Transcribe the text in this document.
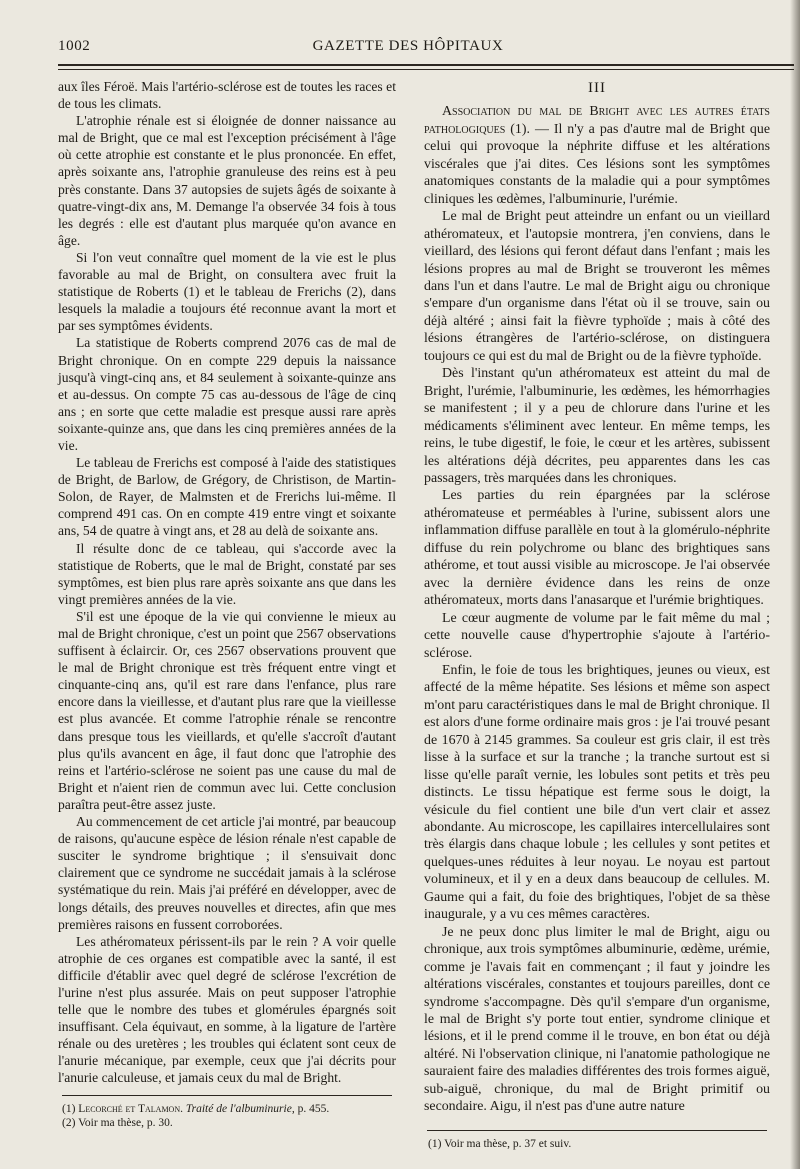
1002	GAZETTE DES HÔPITAUX

aux îles Féroë. Mais l'artério-sclérose est de toutes les races et de tous les climats.

L'atrophie rénale est si éloignée de donner naissance au mal de Bright, que ce mal est l'exception précisément à l'âge où cette atrophie est constante et le plus prononcée. En effet, après soixante ans, l'atrophie granuleuse des reins est à peu près constante. Dans 37 autopsies de sujets âgés de soixante à quatre-vingt-dix ans, M. Demange l'a observée 34 fois à tous les degrés : elle est d'autant plus marquée qu'on avance en âge.

Si l'on veut connaître quel moment de la vie est le plus favorable au mal de Bright, on consultera avec fruit la statistique de Roberts (1) et le tableau de Frerichs (2), dans lesquels la maladie a toujours été reconnue avant la mort et par ses symptômes évidents.

La statistique de Roberts comprend 2076 cas de mal de Bright chronique. On en compte 229 depuis la naissance jusqu'à vingt-cinq ans, et 84 seulement à soixante-quinze ans et au-dessus. On compte 75 cas au-dessous de l'âge de cinq ans ; en sorte que cette maladie est presque aussi rare après soixante-quinze ans, que dans les cinq premières années de la vie.

Le tableau de Frerichs est composé à l'aide des statistiques de Bright, de Barlow, de Grégory, de Christison, de Martin-Solon, de Rayer, de Malmsten et de Frerichs lui-même. Il comprend 491 cas. On en compte 419 entre vingt et soixante ans, 54 de quatre à vingt ans, et 28 au delà de soixante ans.

Il résulte donc de ce tableau, qui s'accorde avec la statistique de Roberts, que le mal de Bright, constaté par ses symptômes, est bien plus rare après soixante ans que dans les vingt premières années de la vie.

S'il est une époque de la vie qui convienne le mieux au mal de Bright chronique, c'est un point que 2567 observations suffisent à éclaircir. Or, ces 2567 observations prouvent que le mal de Bright chronique est très fréquent entre vingt et cinquante-cinq ans, qu'il est rare dans l'enfance, plus rare encore dans la vieillesse, et d'autant plus rare que la vieillesse est plus avancée. Et comme l'atrophie rénale se rencontre dans presque tous les vieillards, et qu'elle s'accroît d'autant plus qu'ils avancent en âge, il faut donc que l'atrophie des reins et l'artério-sclérose ne soient pas une cause du mal de Bright et n'aient rien de commun avec lui. Cette conclusion paraîtra peut-être assez juste.

Au commencement de cet article j'ai montré, par beaucoup de raisons, qu'aucune espèce de lésion rénale n'est capable de susciter le syndrome brightique ; il s'ensuivait donc clairement que ce syndrome ne succédait jamais à la sclérose systématique du rein. Mais j'ai préféré en développer, avec de longs détails, des preuves nouvelles et directes, afin que mes premières raisons en fussent corroborées.

Les athéromateux périssent-ils par le rein ? A voir quelle atrophie de ces organes est compatible avec la santé, il est difficile d'établir avec quel degré de sclérose l'excrétion de l'urine n'est plus assurée. Mais on peut supposer l'atrophie telle que le nombre des tubes et glomérules épargnés soit insuffisant. Cela équivaut, en somme, à la ligature de l'artère rénale ou des uretères ; les troubles qui éclatent sont ceux de l'anurie mécanique, par exemple, ceux que j'ai décrits pour l'anurie calculeuse, et jamais ceux du mal de Bright.

(1) Lecorché et Talamon. Traité de l'albuminurie, p. 455.

(2) Voir ma thèse, p. 30.

III

Association du mal de Bright avec les autres états pathologiques (1). — Il n'y a pas d'autre mal de Bright que celui qui provoque la néphrite diffuse et les altérations viscérales que j'ai dites. Ces lésions sont les symptômes anatomiques constants de la maladie qui a pour symptômes cliniques les œdèmes, l'albuminurie, l'urémie.

Le mal de Bright peut atteindre un enfant ou un vieillard athéromateux, et l'autopsie montrera, j'en conviens, dans le vieillard, des lésions qui feront défaut dans l'enfant ; mais les lésions propres au mal de Bright se trouveront les mêmes dans l'un et dans l'autre. Le mal de Bright aigu ou chronique s'empare d'un organisme dans l'état où il se trouve, sain ou déjà altéré ; ainsi fait la fièvre typhoïde ; mais à côté des lésions étrangères de l'artério-sclérose, on distinguera toujours ce qui est du mal de Bright ou de la fièvre typhoïde.

Dès l'instant qu'un athéromateux est atteint du mal de Bright, l'urémie, l'albuminurie, les œdèmes, les hémorrhagies se manifestent ; il y a peu de chlorure dans l'urine et les médicaments s'éliminent avec lenteur. En même temps, les reins, le tube digestif, le foie, le cœur et les artères, subissent les altérations déjà décrites, peu apparentes dans les cas passagers, très marquées dans les chroniques.

Les parties du rein épargnées par la sclérose athéromateuse et perméables à l'urine, subissent alors une inflammation diffuse parallèle en tout à la glomérulo-néphrite diffuse du rein polychrome ou blanc des brightiques sans athérome, et tout aussi visible au microscope. Je l'ai observée avec la dernière évidence dans les reins de onze athéromateux, morts dans l'anasarque et l'urémie brightiques.

Le cœur augmente de volume par le fait même du mal ; cette nouvelle cause d'hypertrophie s'ajoute à l'artério-sclérose.

Enfin, le foie de tous les brightiques, jeunes ou vieux, est affecté de la même hépatite. Ses lésions et même son aspect m'ont paru caractéristiques dans le mal de Bright chronique. Il est alors d'une forme ordinaire mais gros : je l'ai trouvé pesant de 1670 à 2145 grammes. Sa couleur est gris clair, il est très lisse à la surface et sur la tranche ; la tranche surtout est si lisse qu'elle paraît vernie, les lobules sont petits et très peu distincts. Le tissu hépatique est ferme sous le doigt, la vésicule du fiel contient une bile d'un vert clair et assez abondante. Au microscope, les capillaires intercellulaires sont très élargis dans chaque lobule ; les cellules y sont petites et quelques-unes réduites à leur noyau. Le noyau est partout volumineux, et il y en a deux dans beaucoup de cellules. M. Gaume qui a fait, du foie des brightiques, l'objet de sa thèse inaugurale, y a vu ces mêmes caractères.

Je ne peux donc plus limiter le mal de Bright, aigu ou chronique, aux trois symptômes albuminurie, œdème, urémie, comme je l'avais fait en commençant ; il faut y joindre les altérations viscérales, constantes et toujours pareilles, dont ce syndrome s'accompagne. Dès qu'il s'empare d'un organisme, le mal de Bright s'y porte tout entier, syndrome clinique et lésions, et il le prend comme il le trouve, en bon état ou déjà altéré. Ni l'observation clinique, ni l'anatomie pathologique ne sauraient faire des maladies différentes des trois formes aiguë, sub-aiguë, chronique, du mal de Bright primitif ou secondaire. Aigu, il n'est pas d'une autre nature

(1) Voir ma thèse, p. 37 et suiv.
